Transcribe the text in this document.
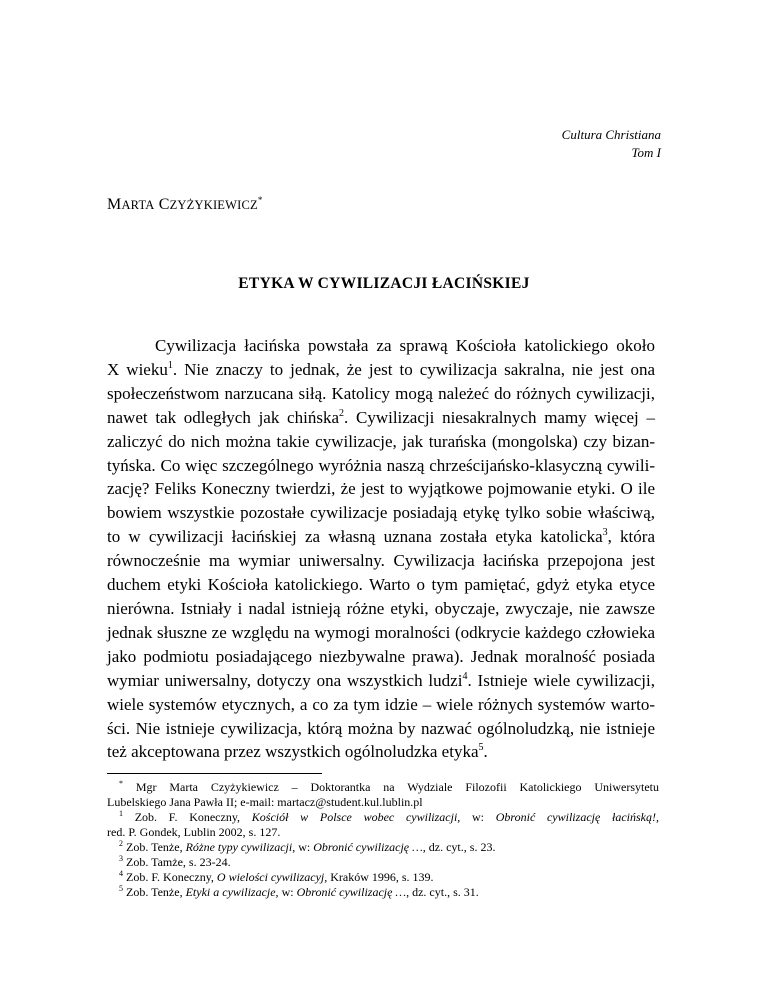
Cultura Christiana
Tom I
MARTA CZYŻYKIEWICZ*
ETYKA W CYWILIZACJI ŁACIŃSKIEJ
Cywilizacja łacińska powstała za sprawą Kościoła katolickiego około
X wieku$^1$. Nie znaczy to jednak, że jest to cywilizacja sakralna, nie jest ona
społeczeństwom narzucana siłą. Katolicy mogą należeć do różnych cywilizacji,
nawet tak odległych jak chińska$^2$. Cywilizacji niesakralnych mamy więcej –
zaliczyć do nich można takie cywilizacje, jak turańska (mongolska) czy bizan-
tyńska. Co więc szczególnego wyróżnia naszą chrześcijańsko-klasyczną cywili-
zację? Feliks Koneczny twierdzi, że jest to wyjątkowe pojmowanie etyki. O ile
bowiem wszystkie pozostałe cywilizacje posiadają etykę tylko sobie właściwą,
to w cywilizacji łacińskiej za własną uznana została etyka katolicka$^3$, która
równocześnie ma wymiar uniwersalny. Cywilizacja łacińska przepojona jest
duchem etyki Kościoła katolickiego. Warto o tym pamiętać, gdyż etyka etyce
nierówna. Istniały i nadal istnieją różne etyki, obyczaje, zwyczaje, nie zawsze
jednak słuszne ze względu na wymogi moralności (odkrycie każdego człowieka
jako podmiotu posiadającego niezbywalne prawa). Jednak moralność posiada
wymiar uniwersalny, dotyczy ona wszystkich ludzi$^4$. Istnieje wiele cywilizacji,
wiele systemów etycznych, a co za tym idzie – wiele różnych systemów warto-
ści. Nie istnieje cywilizacja, którą można by nazwać ogólnoludzką, nie istnieje
też akceptowana przez wszystkich ogólnoludzka etyka$^5$.
* Mgr Marta Czyżykiewicz – Doktorantka na Wydziale Filozofii Katolickiego Uniwersytetu
Lubelskiego Jana Pawła II; e-mail: martacz@student.kul.lublin.pl
$^1$ Zob. F. Koneczny, Kościół w Polsce wobec cywilizacji, w: Obronić cywilizację łacińską!,
red. P. Gondek, Lublin 2002, s. 127.
$^2$ Zob. Tenże, Różne typy cywilizacji, w: Obronić cywilizację …, dz. cyt., s. 23.
$^3$ Zob. Tamże, s. 23-24.
$^4$ Zob. F. Koneczny, O wielości cywilizacyj, Kraków 1996, s. 139.
$^5$ Zob. Tenże, Etyki a cywilizacje, w: Obronić cywilizację …, dz. cyt., s. 31.
